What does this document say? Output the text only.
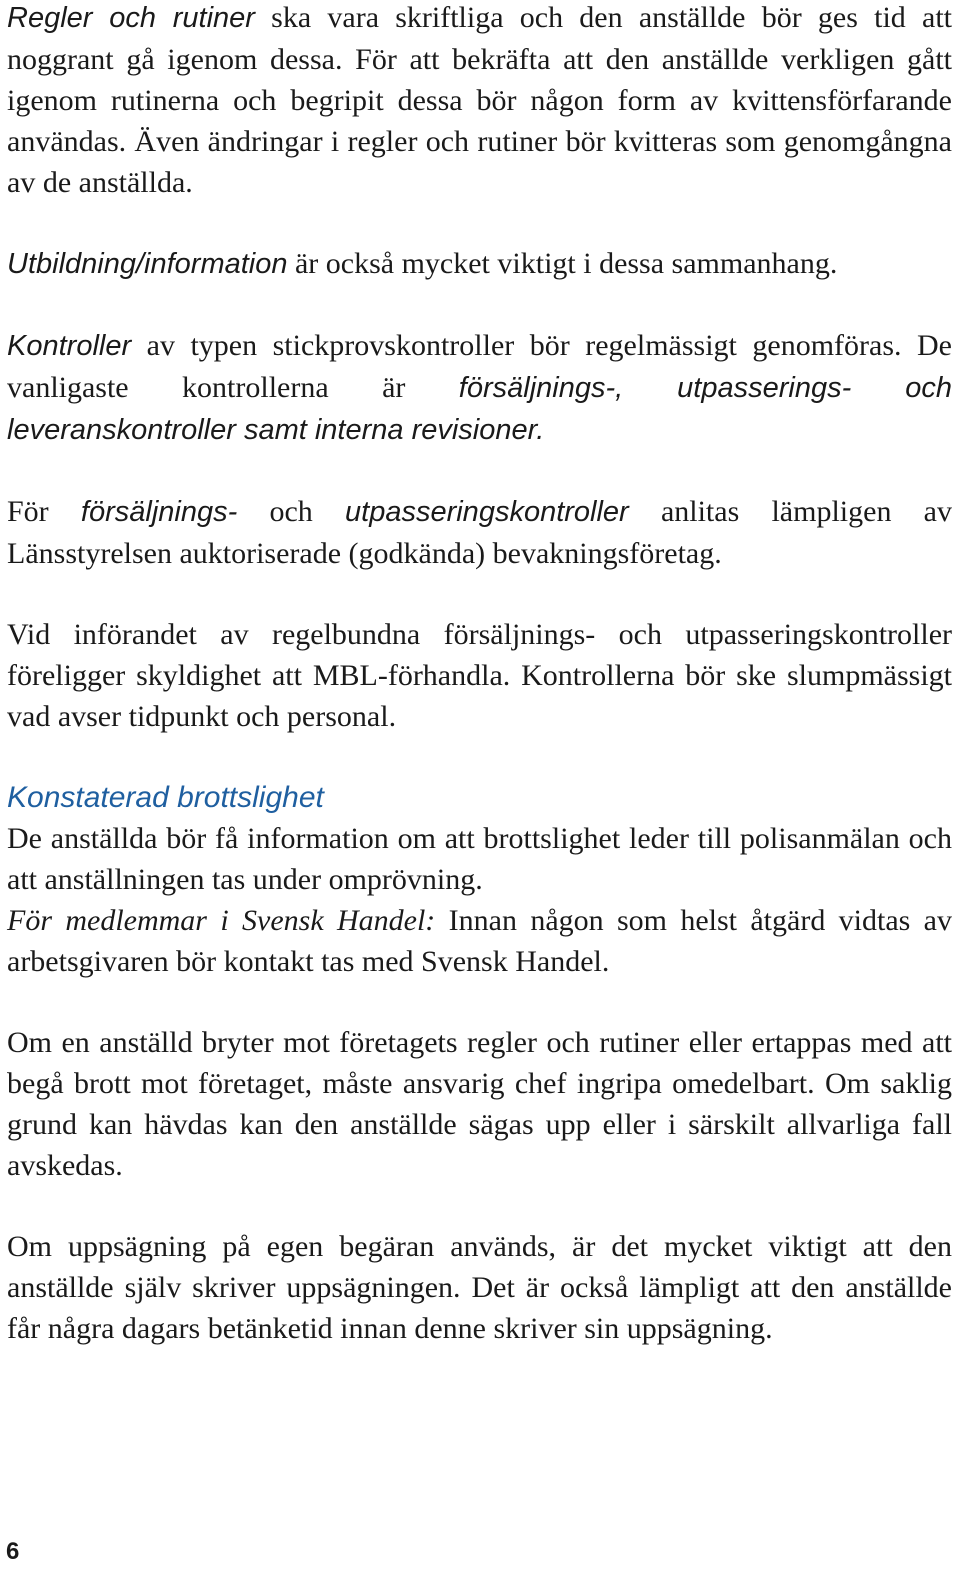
Regler och rutiner ska vara skriftliga och den anställde bör ges tid att noggrant gå igenom dessa. För att bekräfta att den anställde verkligen gått igenom rutinerna och begripit dessa bör någon form av kvittensförfarande användas. Även ändringar i regler och rutiner bör kvitteras som genomgångna av de anställda.

Utbildning/information är också mycket viktigt i dessa sammanhang.

Kontroller av typen stickprovskontroller bör regelmässigt genomföras. De vanligaste kontrollerna är försäljnings-, utpasserings- och leveranskontroller samt interna revisioner.

För försäljnings- och utpasseringskontroller anlitas lämpligen av Länsstyrelsen auktoriserade (godkända) bevakningsföretag.

Vid införandet av regelbundna försäljnings- och utpasseringskontroller föreligger skyldighet att MBL-förhandla. Kontrollerna bör ske slumpmässigt vad avser tidpunkt och personal.

Konstaterad brottslighet

De anställda bör få information om att brottslighet leder till polisanmälan och att anställningen tas under omprövning.
För medlemmar i Svensk Handel: Innan någon som helst åtgärd vidtas av arbetsgivaren bör kontakt tas med Svensk Handel.

Om en anställd bryter mot företagets regler och rutiner eller ertappas med att begå brott mot företaget, måste ansvarig chef ingripa omedelbart. Om saklig grund kan hävdas kan den anställde sägas upp eller i särskilt allvarliga fall avskedas.

Om uppsägning på egen begäran används, är det mycket viktigt att den anställde själv skriver uppsägningen. Det är också lämpligt att den anställde får några dagars betänketid innan denne skriver sin uppsägning.

6
